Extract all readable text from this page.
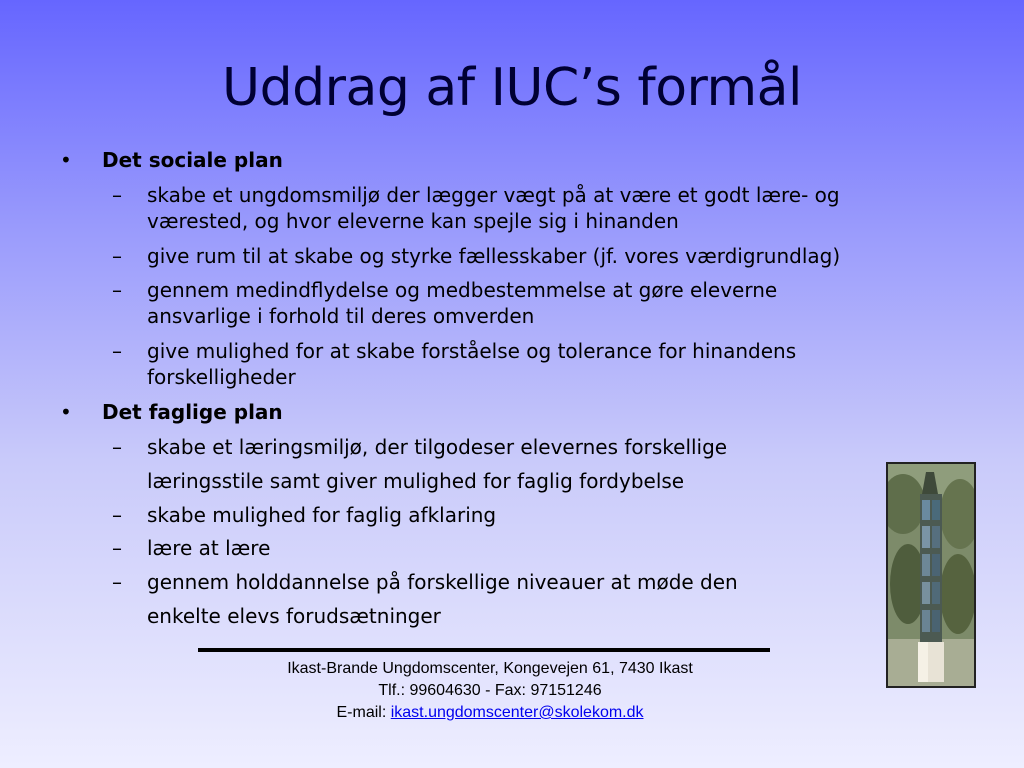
Uddrag af IUC’s formål
• Det sociale plan
– skabe et ungdomsmiljø der lægger vægt på at være et godt lære- og
værested, og hvor eleverne kan spejle sig i hinanden
– give rum til at skabe og styrke fællesskaber (jf. vores værdigrundlag)
– gennem medindflydelse og medbestemmelse at gøre eleverne
ansvarlige i forhold til deres omverden
– give mulighed for at skabe forståelse og tolerance for hinandens
forskelligheder
• Det faglige plan
– skabe et læringsmiljø, der tilgodeser elevernes forskellige
læringsstile samt giver mulighed for faglig fordybelse
– skabe mulighed for faglig afklaring
– lære at lære
– gennem holddannelse på forskellige niveauer at møde den
enkelte elevs forudsætninger
Ikast-Brande Ungdomscenter, Kongevejen 61, 7430 Ikast
Tlf.: 99604630 - Fax: 97151246
E-mail: ikast.ungdomscenter@skolekom.dk
